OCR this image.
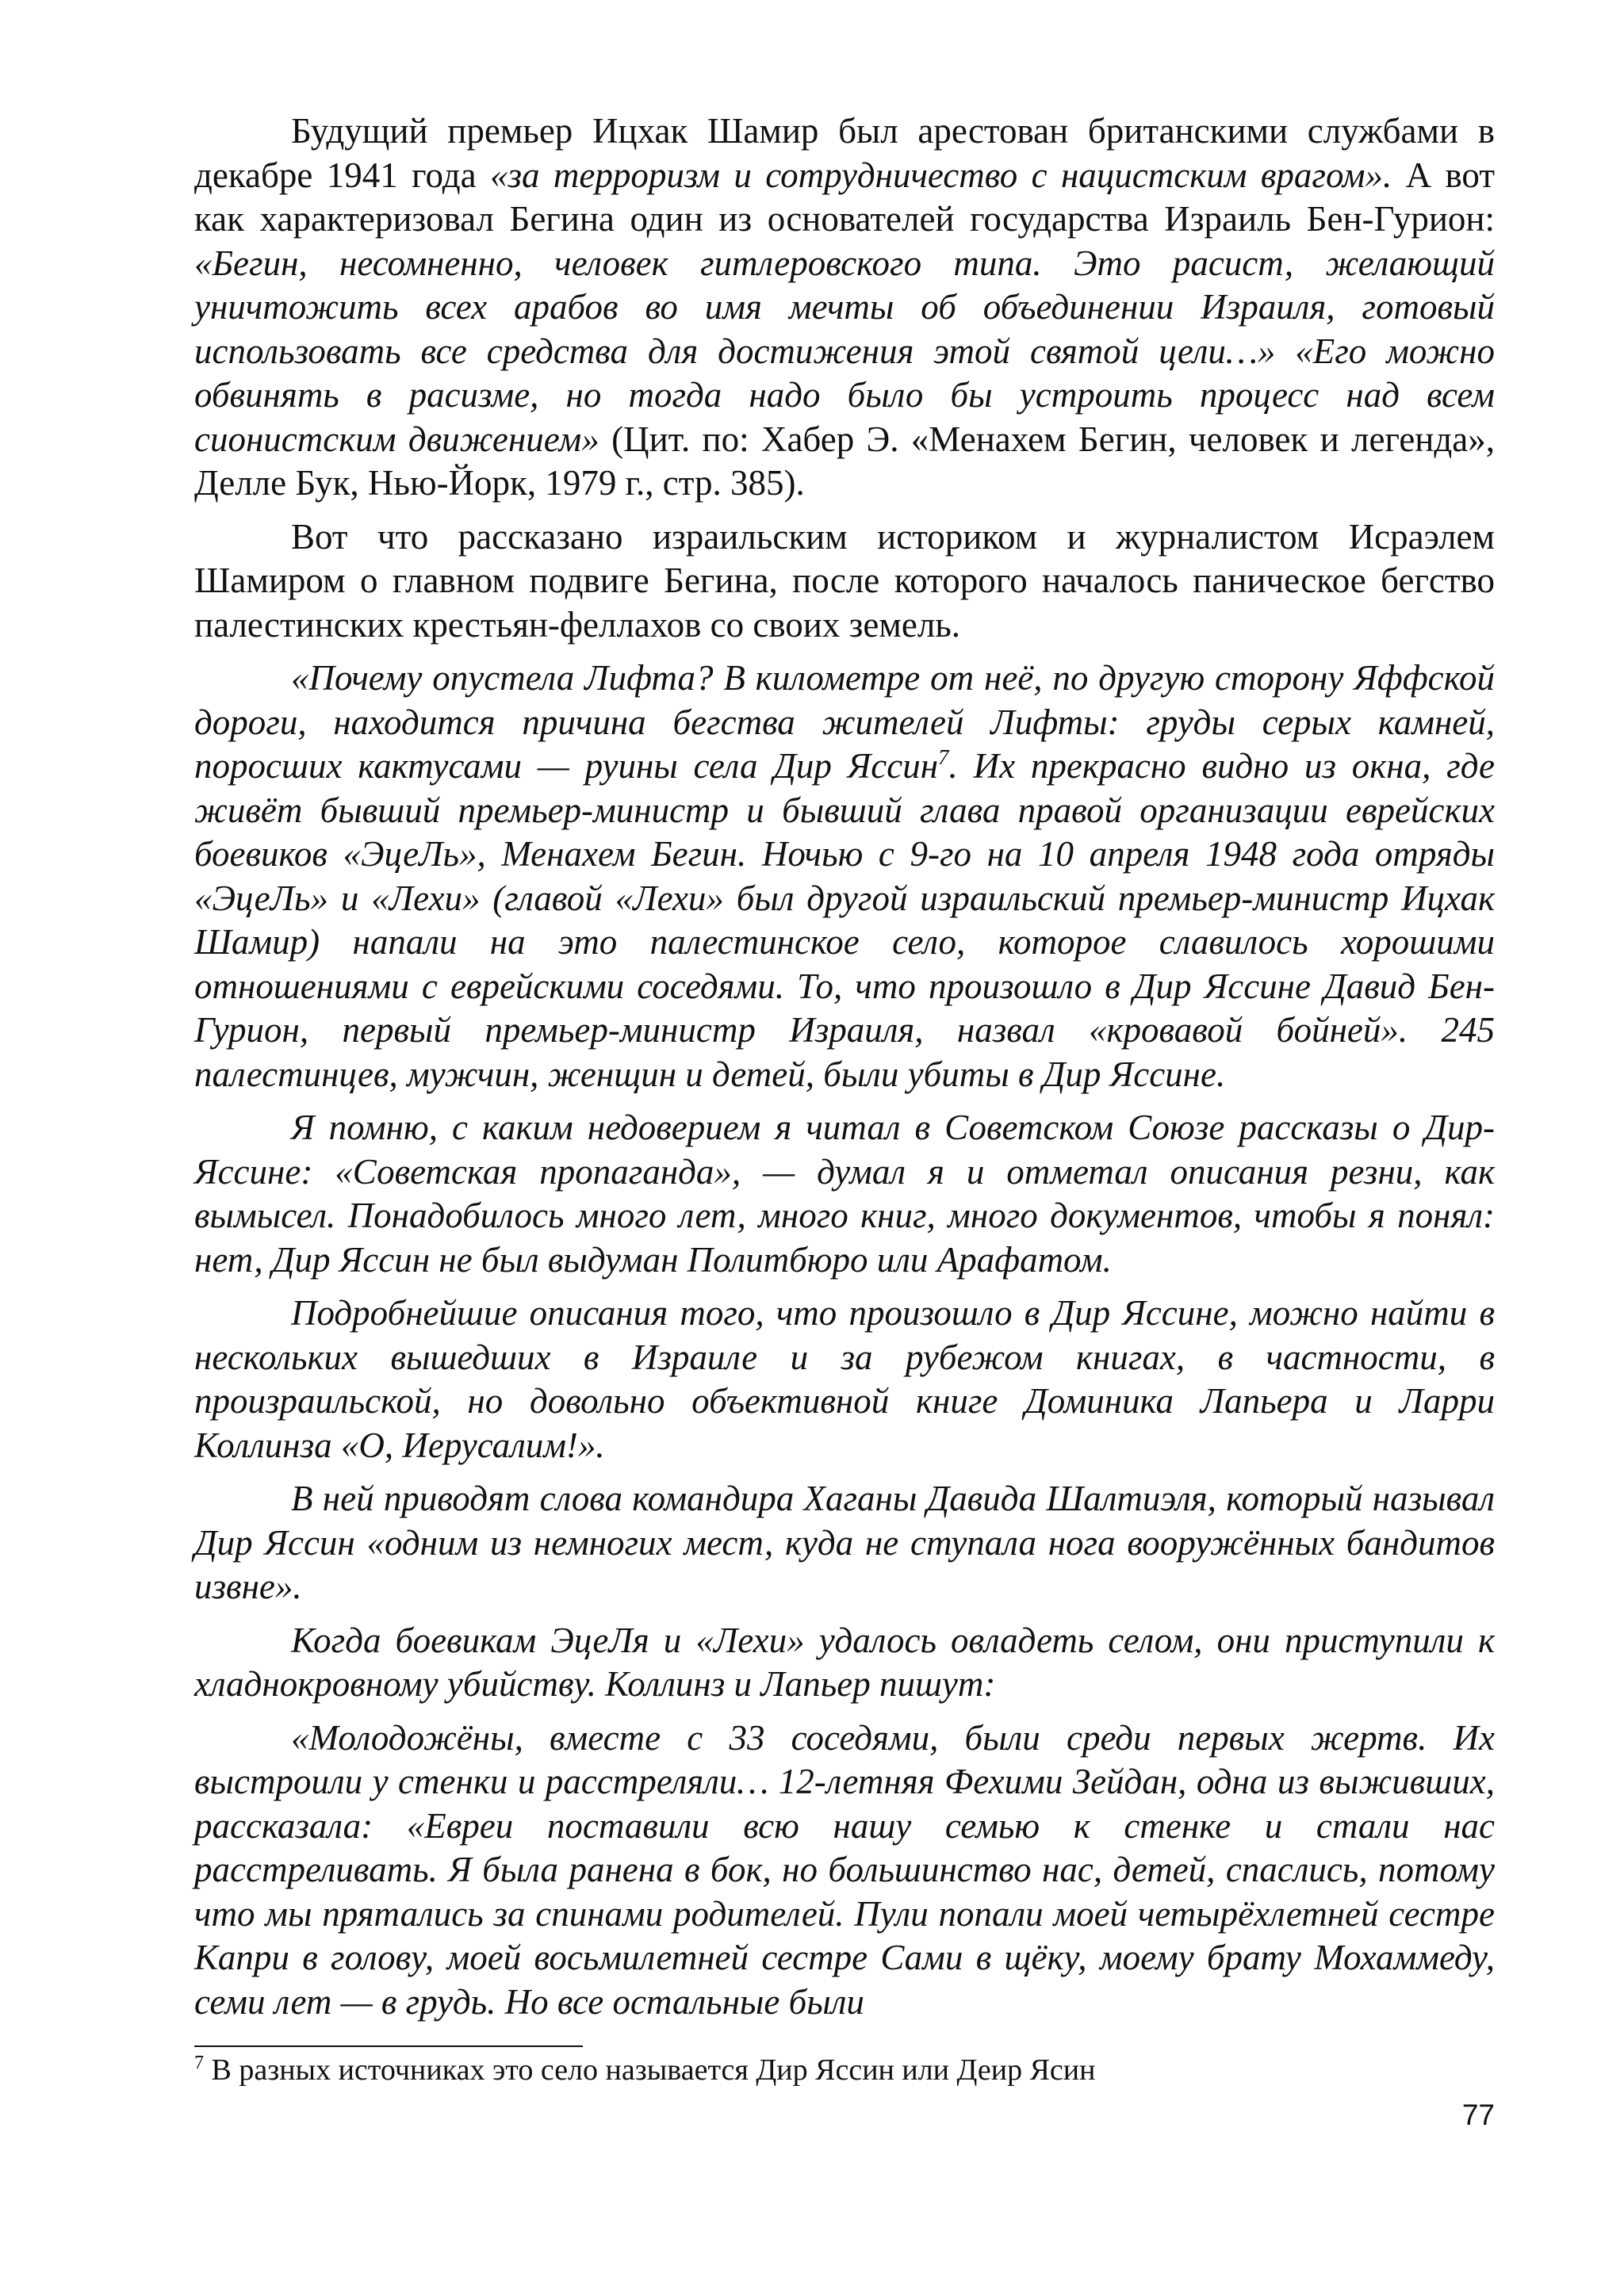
Будущий премьер Ицхак Шамир был арестован британскими службами в декабре 1941 года «за терроризм и сотрудничество с нацистским врагом». А вот как характеризовал Бегина один из основателей государства Израиль Бен-Гурион: «Бегин, несомненно, человек гитлеровского типа. Это расист, желающий уничтожить всех арабов во имя мечты об объединении Израиля, готовый использовать все средства для достижения этой святой цели…» «Его можно обвинять в расизме, но тогда надо было бы устроить процесс над всем сионистским движением» (Цит. по: Хабер Э. «Менахем Бегин, человек и легенда», Делле Бук, Нью-Йорк, 1979 г., стр. 385).

Вот что рассказано израильским историком и журналистом Исраэлем Шамиром о главном подвиге Бегина, после которого началось паническое бегство палестинских крестьян-феллахов со своих земель.

«Почему опустела Лифта? В километре от неё, по другую сторону Яффской дороги, находится причина бегства жителей Лифты: груды серых камней, поросших кактусами — руины села Дир Яссин$^7$. Их прекрасно видно из окна, где живёт бывший премьер-министр и бывший глава правой организации еврейских боевиков «ЭцеЛь», Менахем Бегин. Ночью с 9-го на 10 апреля 1948 года отряды «ЭцеЛь» и «Лехи» (главой «Лехи» был другой израильский премьер-министр Ицхак Шамир) напали на это палестинское село, которое славилось хорошими отношениями с еврейскими соседями. То, что произошло в Дир Яссине Давид Бен-Гурион, первый премьер-министр Израиля, назвал «кровавой бойней». 245 палестинцев, мужчин, женщин и детей, были убиты в Дир Яссине.

Я помню, с каким недоверием я читал в Советском Союзе рассказы о Дир-Яссине: «Советская пропаганда», — думал я и отметал описания резни, как вымысел. Понадобилось много лет, много книг, много документов, чтобы я понял: нет, Дир Яссин не был выдуман Политбюро или Арафатом.

Подробнейшие описания того, что произошло в Дир Яссине, можно найти в нескольких вышедших в Израиле и за рубежом книгах, в частности, в произраильской, но довольно объективной книге Доминика Лапьера и Ларри Коллинза «О, Иерусалим!».

В ней приводят слова командира Хаганы Давида Шалтиэля, который называл Дир Яссин «одним из немногих мест, куда не ступала нога вооружённых бандитов извне».

Когда боевикам ЭцеЛя и «Лехи» удалось овладеть селом, они приступили к хладнокровному убийству. Коллинз и Лапьер пишут:

«Молодожёны, вместе с 33 соседями, были среди первых жертв. Их выстроили у стенки и расстреляли… 12-летняя Фехими Зейдан, одна из выживших, рассказала: «Евреи поставили всю нашу семью к стенке и стали нас расстреливать. Я была ранена в бок, но большинство нас, детей, спаслись, потому что мы прятались за спинами родителей. Пули попали моей четырёхлетней сестре Капри в голову, моей восьмилетней сестре Сами в щёку, моему брату Мохаммеду, семи лет — в грудь. Но все остальные были

$^7$ В разных источниках это село называется Дир Яссин или Деир Ясин

77
